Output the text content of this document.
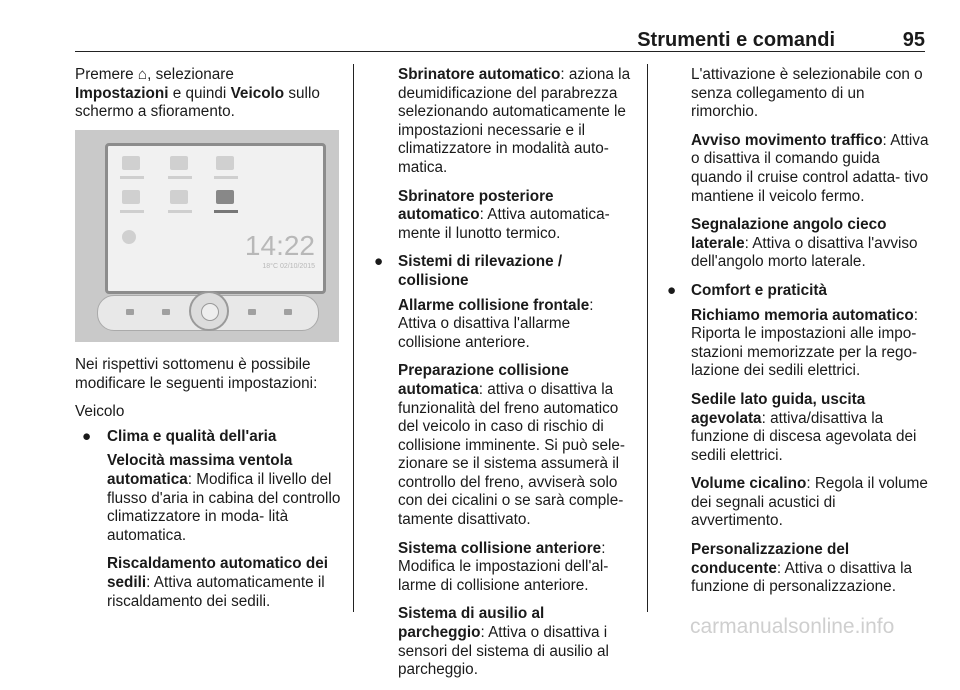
Strumenti e comandi	95

Premere ⌂, selezionare
Impostazioni e quindi Veicolo sullo schermo a sfioramento.

14:22
18°C 02/10/2015

Nei rispettivi sottomenu è possibile modificare le seguenti impostazioni:

Veicolo

● Clima e qualità dell'aria

Velocità massima ventola automatica: Modifica il livello del flusso d'aria in cabina del controllo climatizzatore in moda- lità automatica.

Riscaldamento automatico dei sedili: Attiva automaticamente il riscaldamento dei sedili.

Sbrinatore automatico: aziona la deumidificazione del parabrezza selezionando automaticamente le impostazioni necessarie e il climatizzatore in modalità auto- matica.

Sbrinatore posteriore automatico: Attiva automatica- mente il lunotto termico.

● Sistemi di rilevazione / collisione

Allarme collisione frontale: Attiva o disattiva l'allarme collisione anteriore.

Preparazione collisione automatica: attiva o disattiva la funzionalità del freno automatico del veicolo in caso di rischio di collisione imminente. Si può sele- zionare se il sistema assumerà il controllo del freno, avviserà solo con dei cicalini o se sarà comple- tamente disattivato.

Sistema collisione anteriore: Modifica le impostazioni dell'al- larme di collisione anteriore.

Sistema di ausilio al parcheggio: Attiva o disattiva i sensori del sistema di ausilio al parcheggio.

L'attivazione è selezionabile con o senza collegamento di un rimorchio.

Avviso movimento traffico: Attiva o disattiva il comando guida quando il cruise control adatta- tivo mantiene il veicolo fermo.

Segnalazione angolo cieco laterale: Attiva o disattiva l'avviso dell'angolo morto laterale.

● Comfort e praticità

Richiamo memoria automatico: Riporta le impostazioni alle impo- stazioni memorizzate per la rego- lazione dei sedili elettrici.

Sedile lato guida, uscita agevolata: attiva/disattiva la funzione di discesa agevolata dei sedili elettrici.

Volume cicalino: Regola il volume dei segnali acustici di avvertimento.

Personalizzazione del conducente: Attiva o disattiva la funzione di personalizzazione.

carmanualsonline.info
